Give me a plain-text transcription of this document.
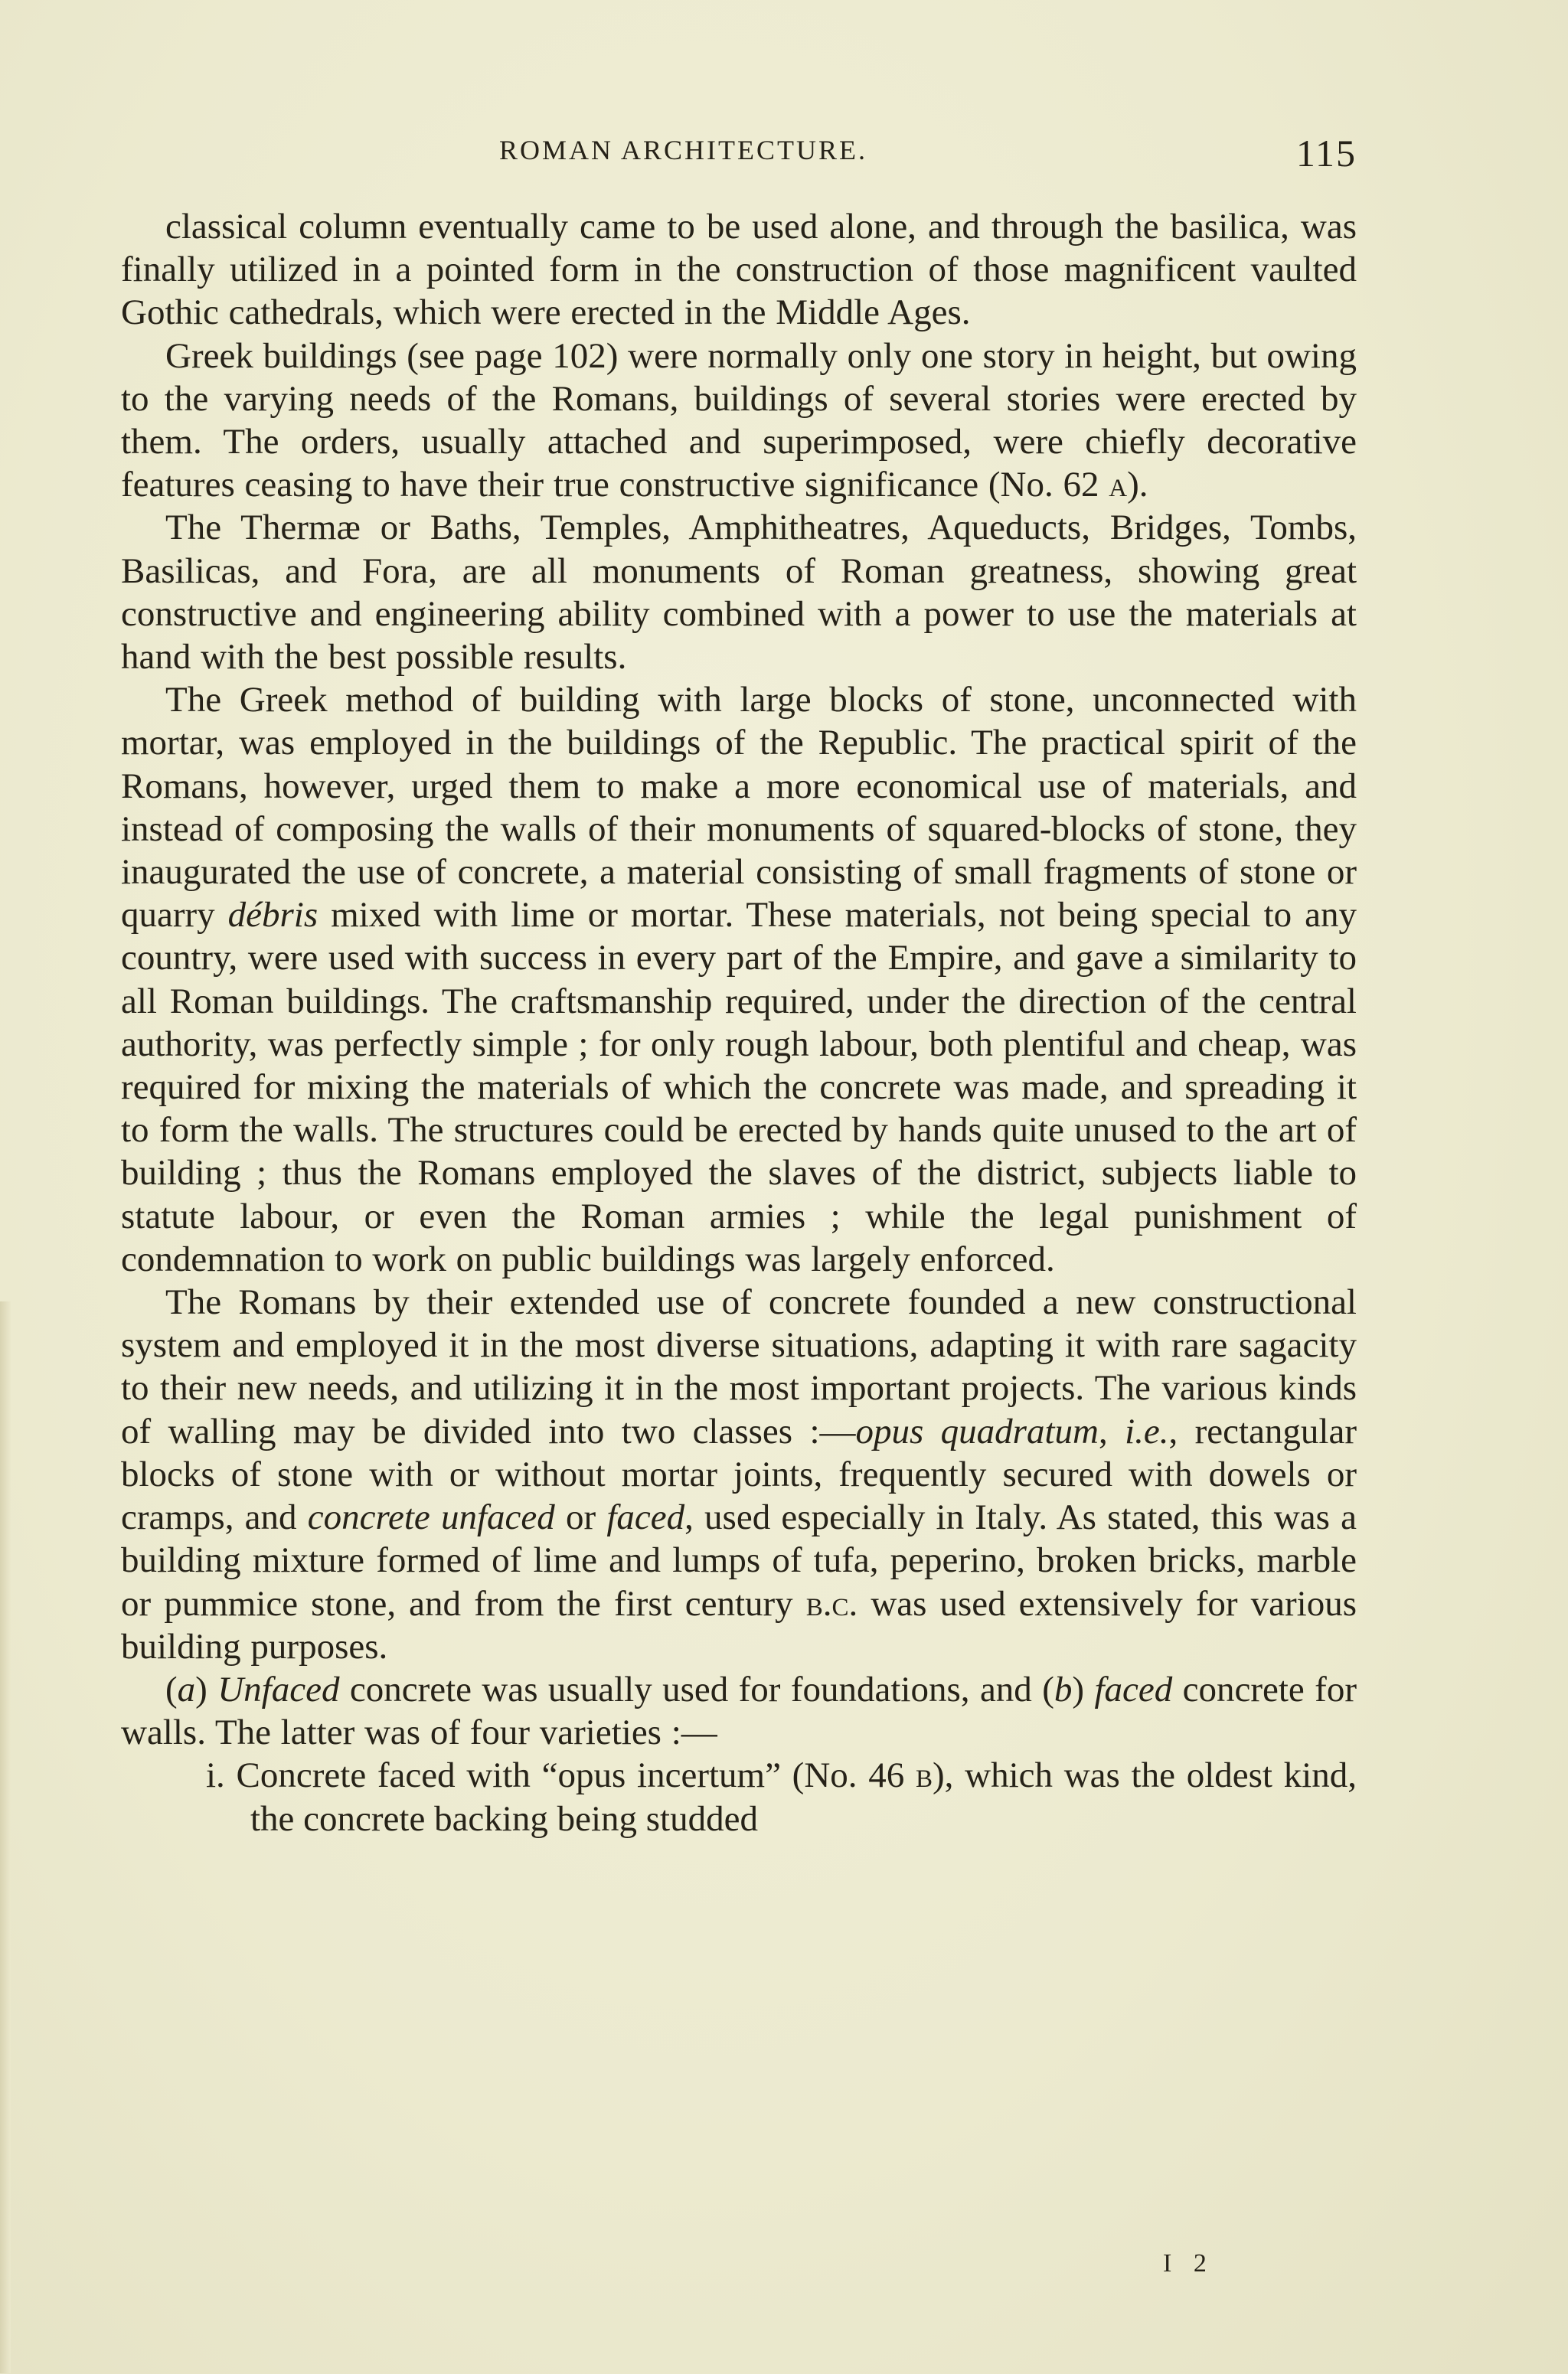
ROMAN ARCHITECTURE.	115

classical column eventually came to be used alone, and through the basilica, was finally utilized in a pointed form in the construction of those magnificent vaulted Gothic cathedrals, which were erected in the Middle Ages.

Greek buildings (see page 102) were normally only one story in height, but owing to the varying needs of the Romans, buildings of several stories were erected by them. The orders, usually attached and superimposed, were chiefly decorative features ceasing to have their true constructive significance (No. 62 a).

The Thermæ or Baths, Temples, Amphitheatres, Aqueducts, Bridges, Tombs, Basilicas, and Fora, are all monuments of Roman greatness, showing great constructive and engineering ability combined with a power to use the materials at hand with the best possible results.

The Greek method of building with large blocks of stone, unconnected with mortar, was employed in the buildings of the Republic. The practical spirit of the Romans, however, urged them to make a more economical use of materials, and instead of composing the walls of their monuments of squared-blocks of stone, they inaugurated the use of concrete, a material consisting of small fragments of stone or quarry débris mixed with lime or mortar. These materials, not being special to any country, were used with success in every part of the Empire, and gave a similarity to all Roman buildings. The craftsmanship required, under the direction of the central authority, was perfectly simple ; for only rough labour, both plentiful and cheap, was required for mixing the materials of which the concrete was made, and spreading it to form the walls. The structures could be erected by hands quite unused to the art of building ; thus the Romans employed the slaves of the district, subjects liable to statute labour, or even the Roman armies ; while the legal punishment of condemnation to work on public buildings was largely enforced.

The Romans by their extended use of concrete founded a new constructional system and employed it in the most diverse situations, adapting it with rare sagacity to their new needs, and utilizing it in the most important projects. The various kinds of walling may be divided into two classes :—opus quadratum, i.e., rectangular blocks of stone with or without mortar joints, frequently secured with dowels or cramps, and concrete unfaced or faced, used especially in Italy. As stated, this was a building mixture formed of lime and lumps of tufa, peperino, broken bricks, marble or pummice stone, and from the first century b.c. was used extensively for various building purposes.

(a) Unfaced concrete was usually used for foundations, and (b) faced concrete for walls. The latter was of four varieties :—

i. Concrete faced with “opus incertum” (No. 46 b), which was the oldest kind, the concrete backing being studded

I 2
